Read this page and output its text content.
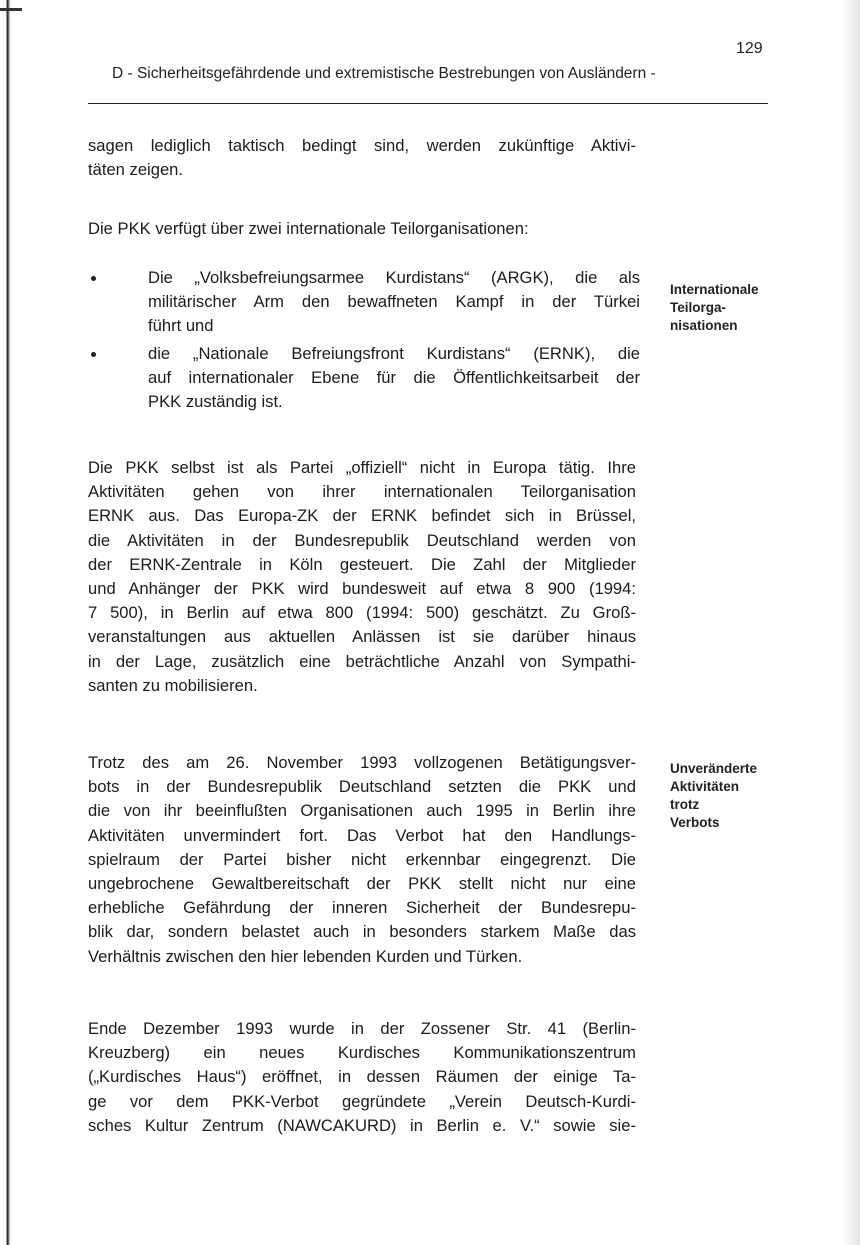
129
D - Sicherheitsgefährdende und extremistische Bestrebungen von Ausländern -
sagen lediglich taktisch bedingt sind, werden zukünftige Aktivi-
täten zeigen.
Die PKK verfügt über zwei internationale Teilorganisationen:
Die „Volksbefreiungsarmee Kurdistans“ (ARGK), die als
militärischer Arm den bewaffneten Kampf in der Türkei
führt und
die „Nationale Befreiungsfront Kurdistans“ (ERNK), die
auf internationaler Ebene für die Öffentlichkeitsarbeit der
PKK zuständig ist.
Internationale
Teilorga-
nisationen
Die PKK selbst ist als Partei „offiziell“ nicht in Europa tätig. Ihre
Aktivitäten gehen von ihrer internationalen Teilorganisation
ERNK aus. Das Europa-ZK der ERNK befindet sich in Brüssel,
die Aktivitäten in der Bundesrepublik Deutschland werden von
der ERNK-Zentrale in Köln gesteuert. Die Zahl der Mitglieder
und Anhänger der PKK wird bundesweit auf etwa 8 900 (1994:
7 500), in Berlin auf etwa 800 (1994: 500) geschätzt. Zu Groß-
veranstaltungen aus aktuellen Anlässen ist sie darüber hinaus
in der Lage, zusätzlich eine beträchtliche Anzahl von Sympathi-
santen zu mobilisieren.
Trotz des am 26. November 1993 vollzogenen Betätigungsver-
bots in der Bundesrepublik Deutschland setzten die PKK und
die von ihr beeinflußten Organisationen auch 1995 in Berlin ihre
Aktivitäten unvermindert fort. Das Verbot hat den Handlungs-
spielraum der Partei bisher nicht erkennbar eingegrenzt. Die
ungebrochene Gewaltbereitschaft der PKK stellt nicht nur eine
erhebliche Gefährdung der inneren Sicherheit der Bundesrepu-
blik dar, sondern belastet auch in besonders starkem Maße das
Verhältnis zwischen den hier lebenden Kurden und Türken.
Unveränderte
Aktivitäten
trotz
Verbots
Ende Dezember 1993 wurde in der Zossener Str. 41 (Berlin-
Kreuzberg) ein neues Kurdisches Kommunikationszentrum
(„Kurdisches Haus“) eröffnet, in dessen Räumen der einige Ta-
ge vor dem PKK-Verbot gegründete „Verein Deutsch-Kurdi-
sches Kultur Zentrum (NAWCAKURD) in Berlin e. V.“ sowie sie-
